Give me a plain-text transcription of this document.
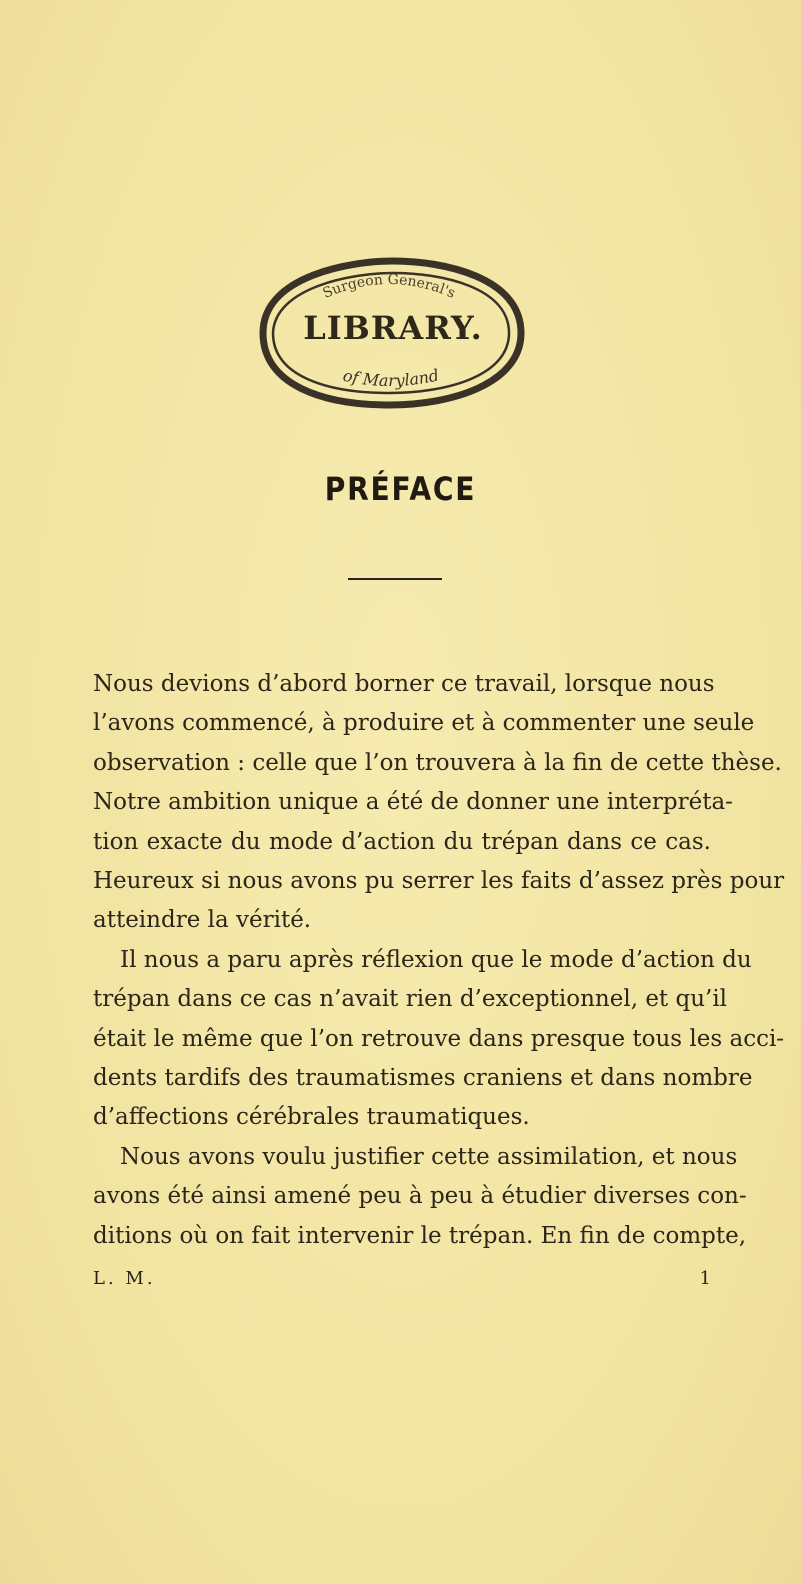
Surgeon General's
LIBRARY.
of Maryland
PRÉFACE
Nous devions d’abord borner ce travail, lorsque nous
l’avons commencé, à produire et à commenter une seule
observation : celle que l’on trouvera à la fin de cette thèse.
Notre ambition unique a été de donner une interpréta-
tion exacte du mode d’action du trépan dans ce cas.
Heureux si nous avons pu serrer les faits d’assez près pour
atteindre la vérité.
Il nous a paru après réflexion que le mode d’action du
trépan dans ce cas n’avait rien d’exceptionnel, et qu’il
était le même que l’on retrouve dans presque tous les acci-
dents tardifs des traumatismes craniens et dans nombre
d’affections cérébrales traumatiques.
Nous avons voulu justifier cette assimilation, et nous
avons été ainsi amené peu à peu à étudier diverses con-
ditions où on fait intervenir le trépan. En fin de compte,
L. M.	1
